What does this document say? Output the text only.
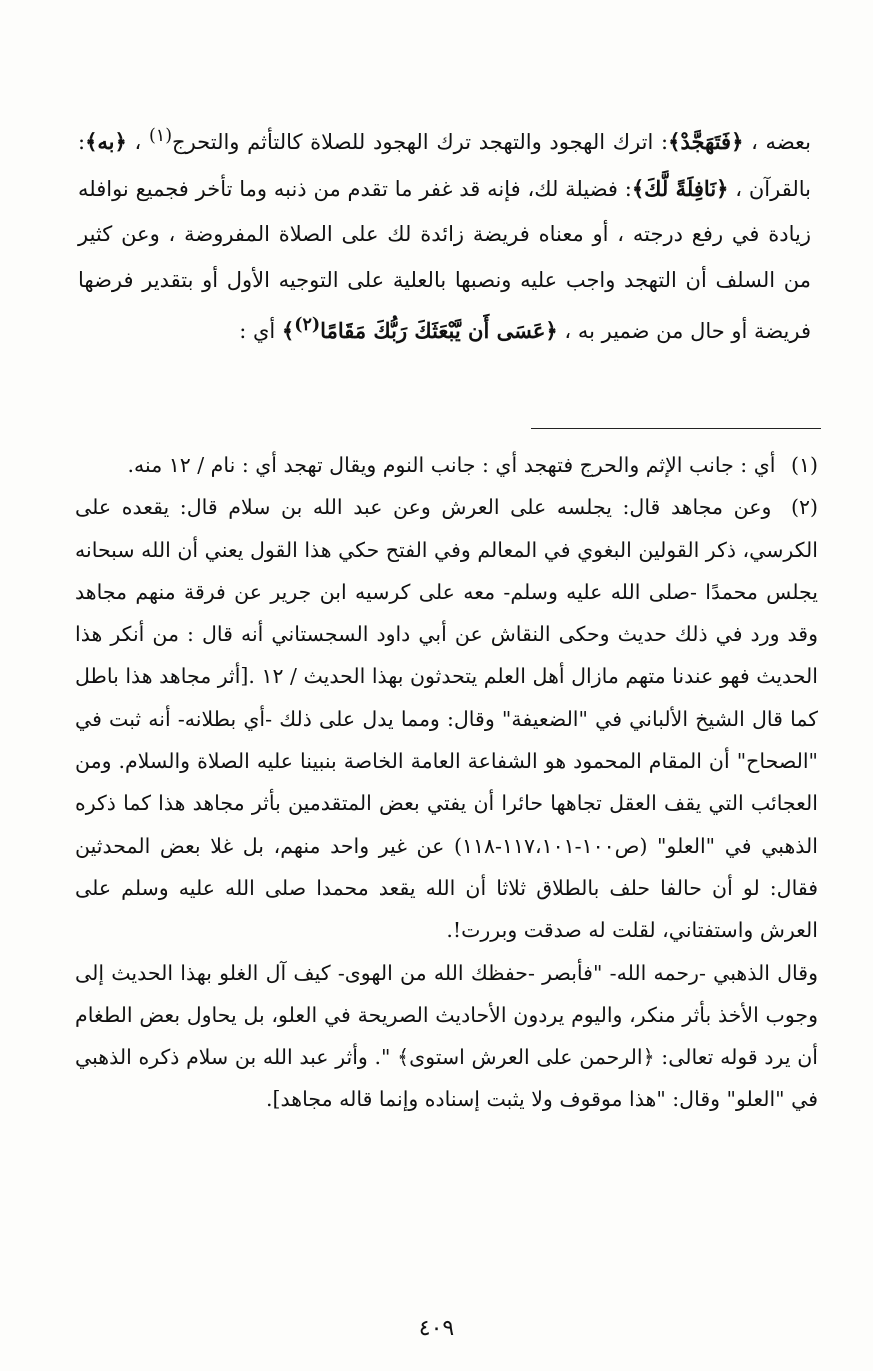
بعضه ، ﴿فَتَهَجَّدْ﴾: اترك الهجود والتهجد ترك الهجود للصلاة كالتأثم والتحرج$^{(١)}$ ، ﴿به﴾: بالقرآن ، ﴿نَافِلَةً لَّكَ﴾: فضيلة لك، فإنه قد غفر ما تقدم من ذنبه وما تأخر فجميع نوافله زيادة في رفع درجته ، أو معناه فريضة زائدة لك على الصلاة المفروضة ، وعن كثير من السلف أن التهجد واجب عليه ونصبها بالعلية على التوجيه الأول أو بتقدير فرضها فريضة أو حال من ضمير به ، ﴿عَسَى أَن يَّبْعَثَكَ رَبُّكَ مَقَامًا$^{(٢)}$﴾ أي :

(١) أي : جانب الإثم والحرج فتهجد أي : جانب النوم ويقال تهجد أي : نام / ١٢ منه.

(٢) وعن مجاهد قال: يجلسه على العرش وعن عبد الله بن سلام قال: يقعده على الكرسي، ذكر القولين البغوي في المعالم وفي الفتح حكي هذا القول يعني أن الله سبحانه يجلس محمدًا -صلى الله عليه وسلم- معه على كرسيه ابن جرير عن فرقة منهم مجاهد وقد ورد في ذلك حديث وحكى النقاش عن أبي داود السجستاني أنه قال : من أنكر هذا الحديث فهو عندنا متهم مازال أهل العلم يتحدثون بهذا الحديث / ١٢ .[أثر مجاهد هذا باطل كما قال الشيخ الألباني في "الضعيفة" وقال: ومما يدل على ذلك -أي بطلانه- أنه ثبت في "الصحاح" أن المقام المحمود هو الشفاعة العامة الخاصة بنبينا عليه الصلاة والسلام. ومن العجائب التي يقف العقل تجاهها حائرا أن يفتي بعض المتقدمين بأثر مجاهد هذا كما ذكره الذهبي في "العلو" (ص١٠٠-١١٧،١٠١-١١٨) عن غير واحد منهم، بل غلا بعض المحدثين فقال: لو أن حالفا حلف بالطلاق ثلاثا أن الله يقعد محمدا صلى الله عليه وسلم على العرش واستفتاني، لقلت له صدقت وبررت!.

وقال الذهبي -رحمه الله- "فأبصر -حفظك الله من الهوى- كيف آل الغلو بهذا الحديث إلى وجوب الأخذ بأثر منكر، واليوم يردون الأحاديث الصريحة في العلو، بل يحاول بعض الطغام أن يرد قوله تعالى: ﴿الرحمن على العرش استوى﴾ ". وأثر عبد الله بن سلام ذكره الذهبي في "العلو" وقال: "هذا موقوف ولا يثبت إسناده وإنما قاله مجاهد].

٤٠٩
